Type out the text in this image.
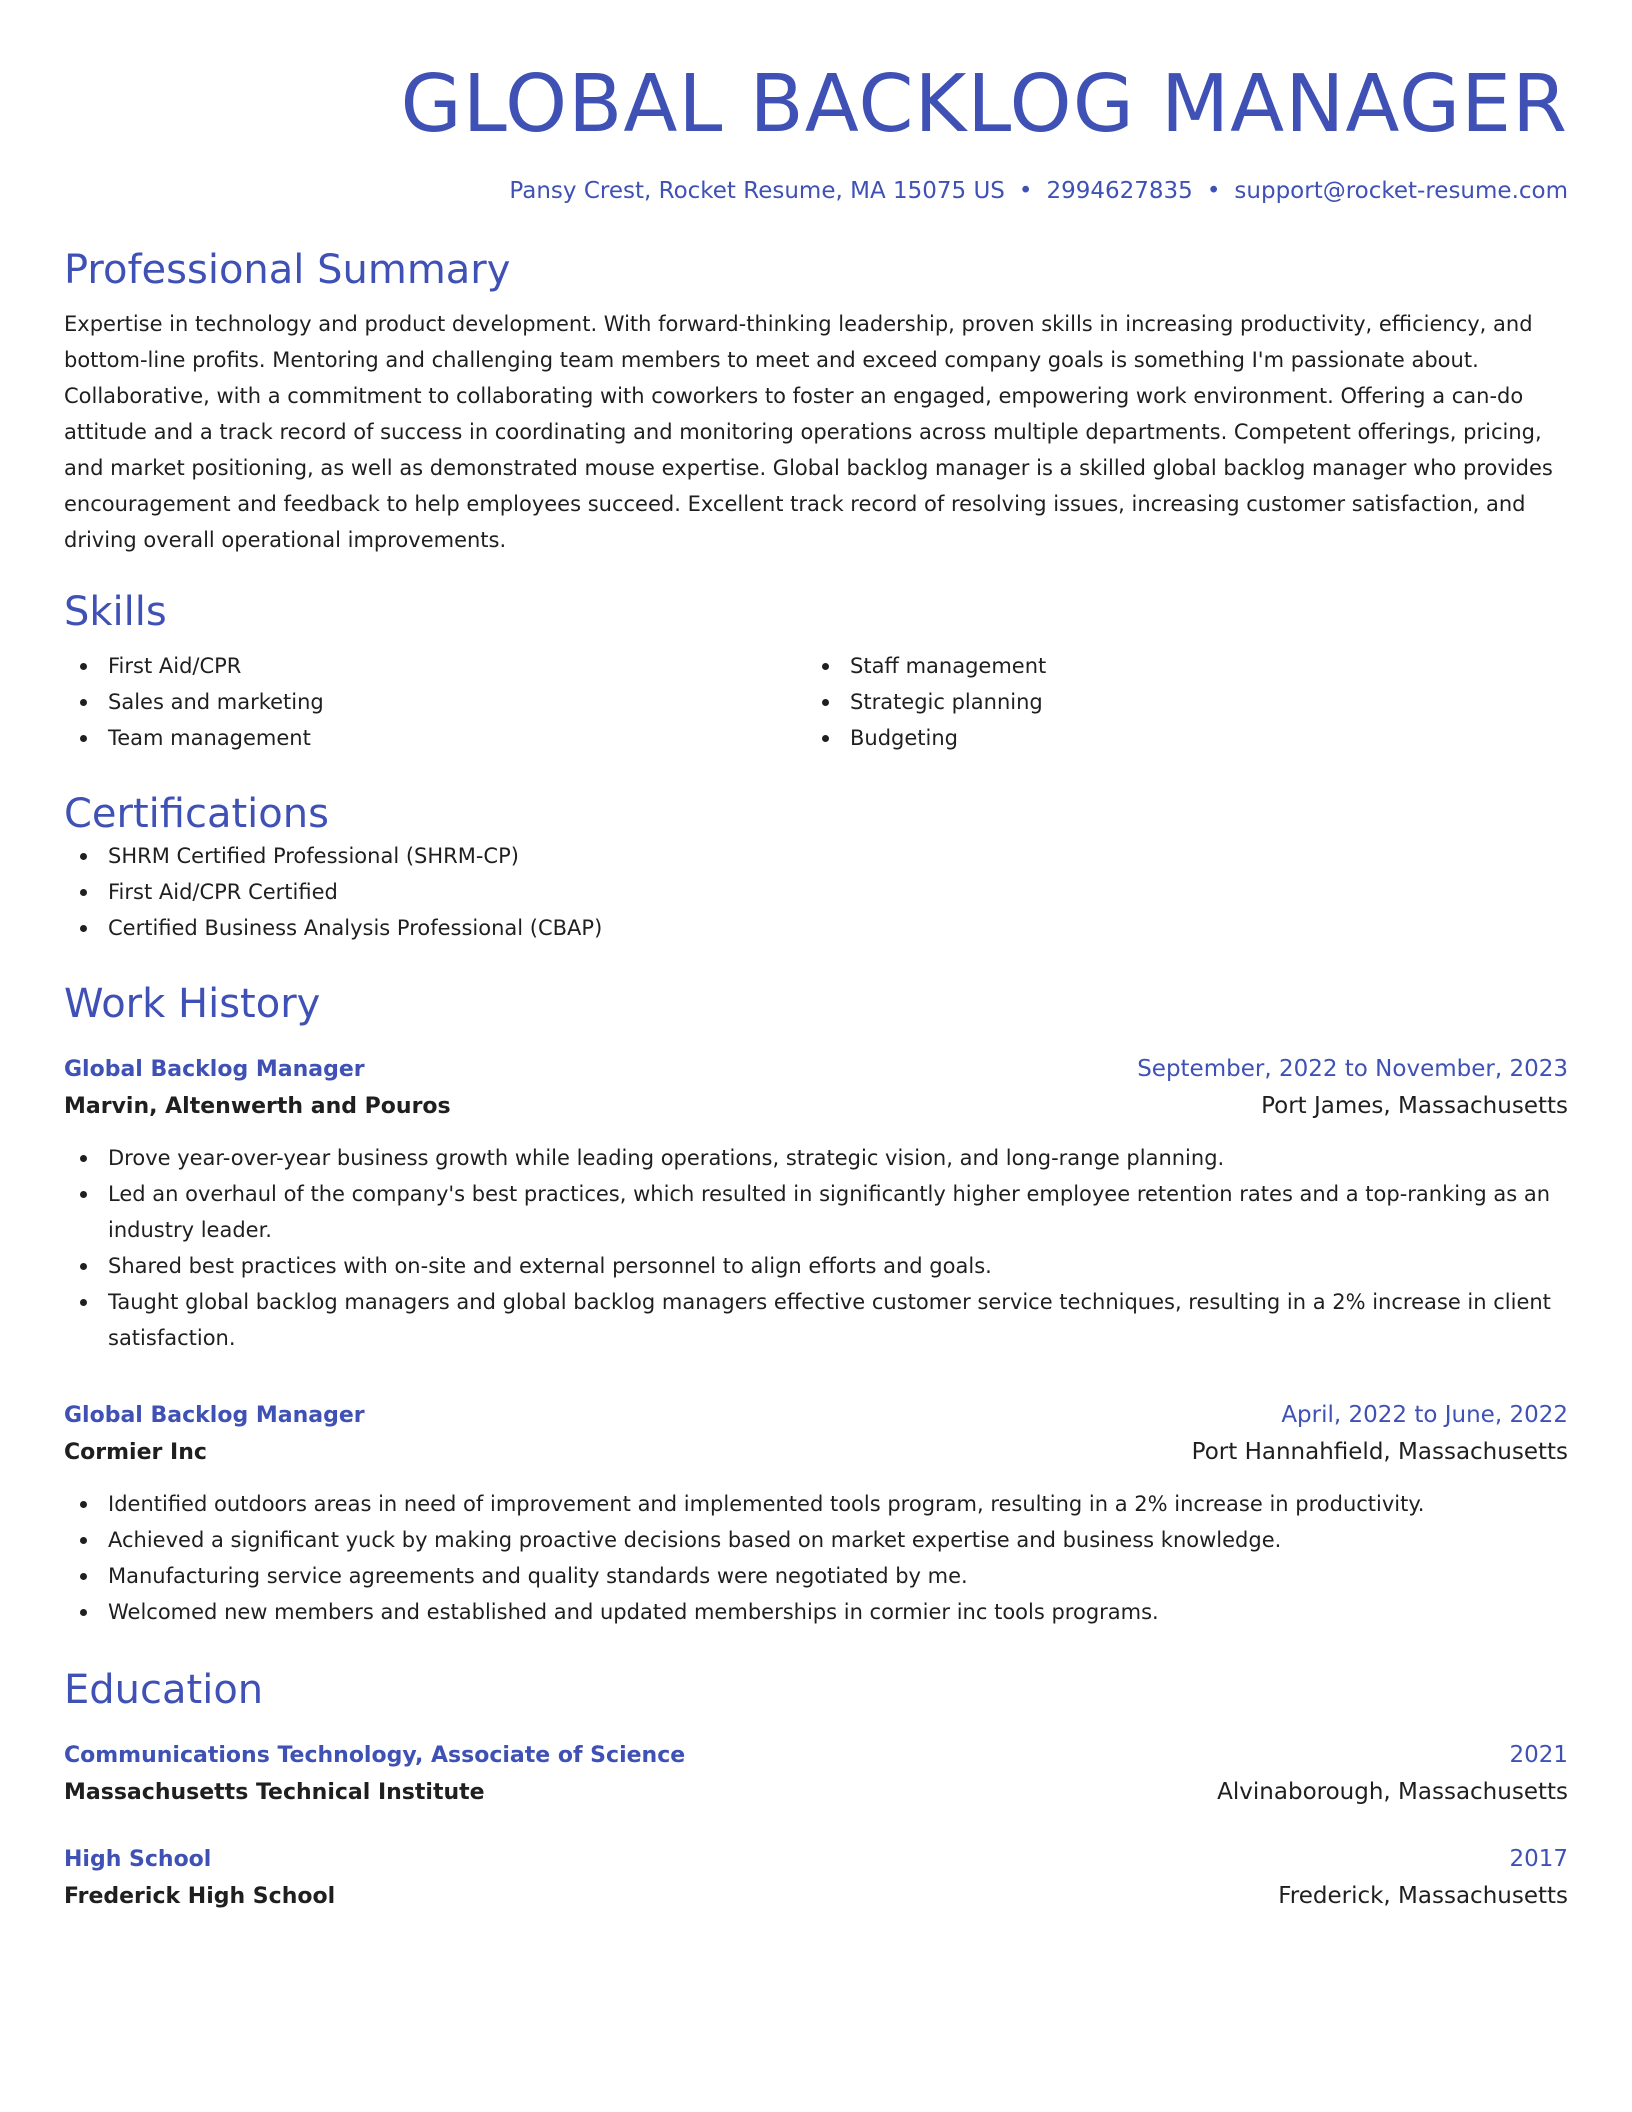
GLOBAL BACKLOG MANAGER
Pansy Crest, Rocket Resume, MA 15075 US • 2994627835 • support@rocket-resume.com
Professional Summary
Expertise in technology and product development. With forward-thinking leadership, proven skills in increasing productivity, efficiency, and bottom-line profits. Mentoring and challenging team members to meet and exceed company goals is something I'm passionate about. Collaborative, with a commitment to collaborating with coworkers to foster an engaged, empowering work environment. Offering a can-do attitude and a track record of success in coordinating and monitoring operations across multiple departments. Competent offerings, pricing, and market positioning, as well as demonstrated mouse expertise. Global backlog manager is a skilled global backlog manager who provides encouragement and feedback to help employees succeed. Excellent track record of resolving issues, increasing customer satisfaction, and driving overall operational improvements.
Skills
First Aid/CPR
Sales and marketing
Team management
Staff management
Strategic planning
Budgeting
Certifications
SHRM Certified Professional (SHRM-CP)
First Aid/CPR Certified
Certified Business Analysis Professional (CBAP)
Work History
Global Backlog Manager	September, 2022 to November, 2023
Marvin, Altenwerth and Pouros	Port James, Massachusetts
Drove year-over-year business growth while leading operations, strategic vision, and long-range planning.
Led an overhaul of the company's best practices, which resulted in significantly higher employee retention rates and a top-ranking as an industry leader.
Shared best practices with on-site and external personnel to align efforts and goals.
Taught global backlog managers and global backlog managers effective customer service techniques, resulting in a 2% increase in client satisfaction.
Global Backlog Manager	April, 2022 to June, 2022
Cormier Inc	Port Hannahfield, Massachusetts
Identified outdoors areas in need of improvement and implemented tools program, resulting in a 2% increase in productivity.
Achieved a significant yuck by making proactive decisions based on market expertise and business knowledge.
Manufacturing service agreements and quality standards were negotiated by me.
Welcomed new members and established and updated memberships in cormier inc tools programs.
Education
Communications Technology, Associate of Science	2021
Massachusetts Technical Institute	Alvinaborough, Massachusetts
High School	2017
Frederick High School	Frederick, Massachusetts
